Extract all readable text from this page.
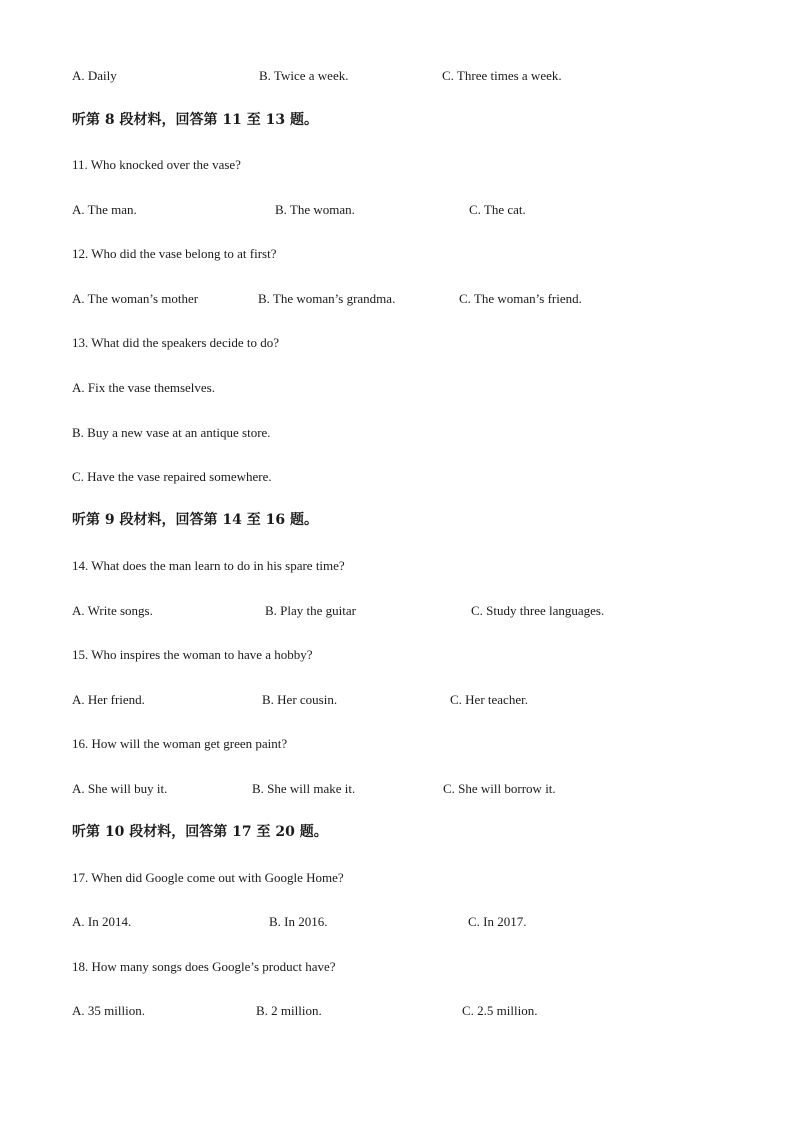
A. Daily	B. Twice a week.	C. Three times a week.
听第 8 段材料，回答第 11 至 13 题。
11. Who knocked over the vase?
A. The man.	B. The woman.	C. The cat.
12. Who did the vase belong to at first?
A. The woman’s mother	B. The woman’s grandma.	C. The woman’s friend.
13. What did the speakers decide to do?
A. Fix the vase themselves.
B. Buy a new vase at an antique store.
C. Have the vase repaired somewhere.
听第 9 段材料，回答第 14 至 16 题。
14. What does the man learn to do in his spare time?
A. Write songs.	B. Play the guitar	C. Study three languages.
15. Who inspires the woman to have a hobby?
A. Her friend.	B. Her cousin.	C. Her teacher.
16. How will the woman get green paint?
A. She will buy it.	B. She will make it.	C. She will borrow it.
听第 10 段材料，回答第 17 至 20 题。
17. When did Google come out with Google Home?
A. In 2014.	B. In 2016.	C. In 2017.
18. How many songs does Google’s product have?
A. 35 million.	B. 2 million.	C. 2.5 million.
